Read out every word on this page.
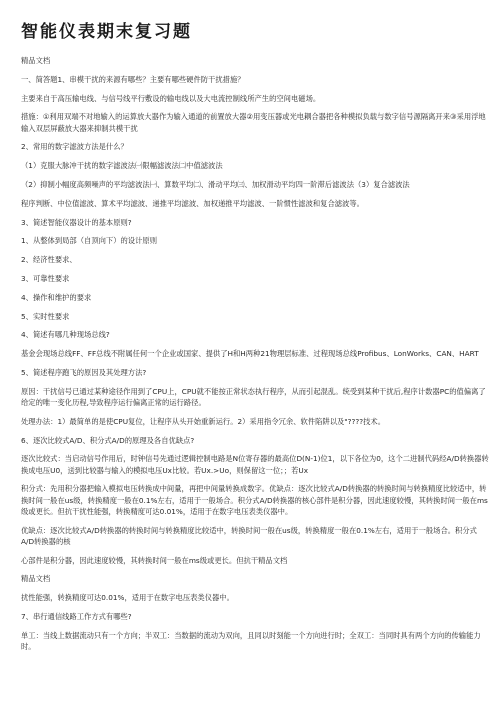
智能仪表期末复习题
精品文档
一、简答题1、串模干扰的来源有哪些？主要有哪些硬件防干扰措施？
主要来自于高压输电线、与信号线平行敷设的输电线以及大电流控制线所产生的空间电磁场。
措施：①利用双端不对地输入的运算放大器作为输入通道的前置放大器②用变压器或光电耦合器把各种模拟负载与数字信号源隔离开来③采用浮地输入双层屏蔽放大器来抑制共模干扰
2、常用的数字滤波方法是什么？
（1）克服大脉冲干扰的数字滤波法㈠限幅滤波法㈡中值滤波法
（2）抑制小幅度高频噪声的平均滤波法㈠、算数平均㈡、滑动平均㈢、加权滑动平均四一阶滞后滤波法（3）复合滤波法
程序判断、中位值滤波、算术平均滤波、递推平均滤波、加权递推平均滤波、一阶惯性滤波和复合滤波等。
3、简述智能仪器设计的基本原则?
1、从整体到局部（自顶向下）的设计原则
2、经济性要求、
3、可靠性要求
4、操作和维护的要求
5、实时性要求
4、简述有哪几种现场总线?
基金会现场总线FF、FF总线不附属任何一个企业或国家、提供了H和H两种21物理层标准、过程现场总线Profibus、LonWorks、CAN、HART
5、简述程序跑飞的原因及其处理方法?
原因：干扰信号已通过某种途径作用到了CPU上，CPU就不能按正常状态执行程序，从而引起混乱。统受到某种干扰后,程序计数器PC的值偏离了给定的唯一变化历程,导致程序运行偏离正常的运行路径。
处理办法：1）最简单的是使CPU复位，让程序从头开始重新运行。2）采用指令冗余、软件陷阱以及"????技术。
6、逐次比较式A/D、积分式A/D的原理及各自优缺点?
逐次比较式：当启动信号作用后，时钟信号先通过逻辑控制电路是N位寄存器的最高位D(N-1)位1，以下各位为0，这个二进制代码经A/D转换器转换成电压U0，送到比较器与输入的模拟电压Ux比较。若Ux.>Uo，则保留这一位；；若Ux
积分式：先用积分器把输入模拟电压转换成中间量，再把中间量转换成数字。优缺点：逐次比较式A/D转换器的转换时间与转换精度比较适中，转换时间一般在us级，转换精度一般在0.1%左右，适用于一般场合。积分式A/D转换器的核心部件是积分器，因此速度较慢，其转换时间一般在ms级或更长。但抗干扰性能强，转换精度可达0.01%，适用于在数字电压表类仪器中。
优缺点：逐次比较式A/D转换器的转换时间与转换精度比较适中，转换时间一般在us级，转换精度一般在0.1%左右，适用于一般场合。积分式A/D转换器的核
心部件是积分器，因此速度较慢，其转换时间一般在ms级或更长。但抗干精品文档
精品文档
扰性能强，转换精度可达0.01%，适用于在数字电压表类仪器中。
7、串行通信线路工作方式有哪些?
单工：当线上数据流动只有一个方向；半双工：当数据的流动为双向，且同以时刻能一个方向进行时；全双工：当同时具有两个方向的传输能力时。
